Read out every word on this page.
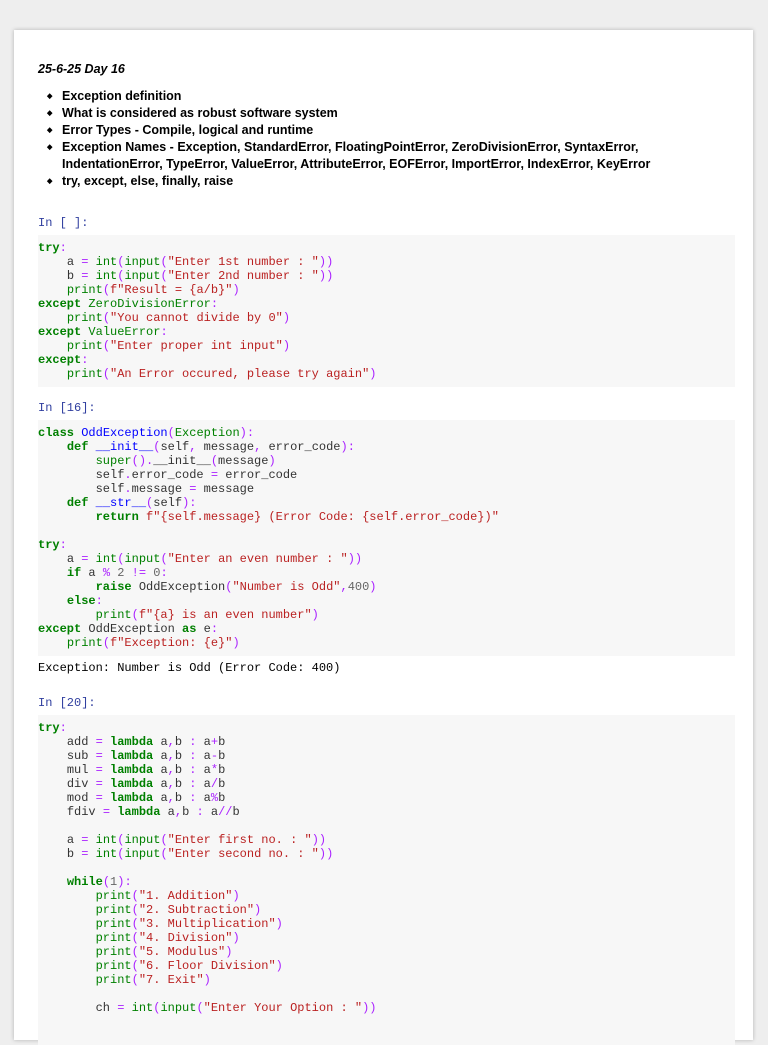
25-6-25 Day 16
◆ Exception definition
◆ What is considered as robust software system
◆ Error Types - Compile, logical and runtime
◆ Exception Names - Exception, StandardError, FloatingPointError, ZeroDivisionError, SyntaxError, IndentationError, TypeError, ValueError, AttributeError, EOFError, ImportError, IndexError, KeyError
◆ try, except, else, finally, raise
In [ ]:
try:
a = int(input("Enter 1st number : "))
b = int(input("Enter 2nd number : "))
print(f"Result = {a/b}")
except ZeroDivisionError:
print("You cannot divide by 0")
except ValueError:
print("Enter proper int input")
except:
print("An Error occured, please try again")
In [16]:
class OddException(Exception):
def __init__(self, message, error_code):
super().__init__(message)
self.error_code = error_code
self.message = message
def __str__(self):
return f"{self.message} (Error Code: {self.error_code})"

try:
a = int(input("Enter an even number : "))
if a % 2 != 0:
raise OddException("Number is Odd",400)
else:
print(f"{a} is an even number")
except OddException as e:
print(f"Exception: {e}")
Exception: Number is Odd (Error Code: 400)
In [20]:
try:
add = lambda a,b : a+b
sub = lambda a,b : a-b
mul = lambda a,b : a*b
div = lambda a,b : a/b
mod = lambda a,b : a%b
fdiv = lambda a,b : a//b

a = int(input("Enter first no. : "))
b = int(input("Enter second no. : "))

while(1):
print("1. Addition")
print("2. Subtraction")
print("3. Multiplication")
print("4. Division")
print("5. Modulus")
print("6. Floor Division")
print("7. Exit")

ch = int(input("Enter Your Option : "))
